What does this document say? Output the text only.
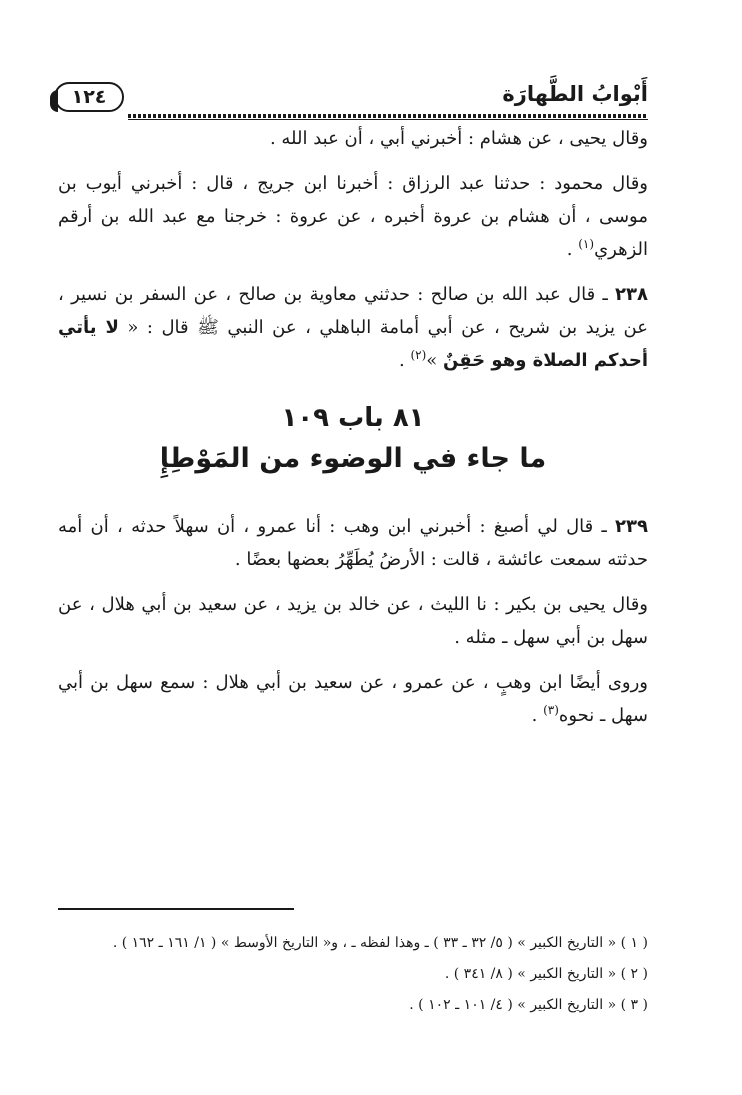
أَبْوابُ الطَّهارَة
١٢٤

وقال يحيى ، عن هشام : أخبرني أبي ، أن عبد الله .

وقال محمود : حدثنا عبد الرزاق : أخبرنا ابن جريج ، قال : أخبرني أيوب بن موسى ، أن هشام بن عروة أخبره ، عن عروة : خرجنا مع عبد الله بن أرقم الزهري$^{(١)}$ .

٢٣٨ ـ قال عبد الله بن صالح : حدثني معاوية بن صالح ، عن السفر بن نسير ، عن يزيد بن شريح ، عن أبي أمامة الباهلي ، عن النبي ﷺ قال : « لا يأتي أحدكم الصلاة وهو حَقِنٌ »$^{(٢)}$ .

٨١ باب ١٠٩
ما جاء في الوضوء من المَوْطِإِ

٢٣٩ ـ قال لي أصبغ : أخبرني ابن وهب : أنا عمرو ، أن سهلاً حدثه ، أن أمه حدثته سمعت عائشة ، قالت : الأرضُ يُطَهِّرُ بعضها بعضًا .

وقال يحيى بن بكير : نا الليث ، عن خالد بن يزيد ، عن سعيد بن أبي هلال ، عن سهل بن أبي سهل ـ مثله .

وروى أيضًا ابن وهبٍ ، عن عمرو ، عن سعيد بن أبي هلال : سمع سهل بن أبي سهل ـ نحوه$^{(٣)}$ .

( ١ ) « التاريخ الكبير » ( ٥/ ٣٢ ـ ٣٣ ) ـ وهذا لفظه ـ ، و« التاريخ الأوسط » ( ١/ ١٦١ ـ ١٦٢ ) .

( ٢ ) « التاريخ الكبير » ( ٨/ ٣٤١ ) .

( ٣ ) « التاريخ الكبير » ( ٤/ ١٠١ ـ ١٠٢ ) .
